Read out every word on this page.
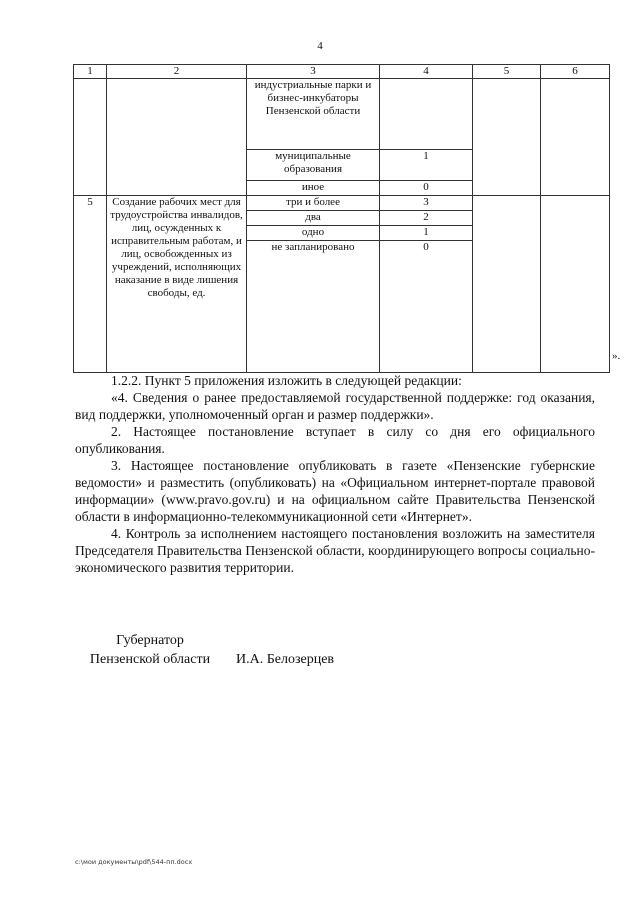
4
1	2	3	4	5	6
		индустриальные парки и бизнес-инкубаторы Пензенской области			
		муниципальные образования	1		
		иное	0		
5	Создание рабочих мест для трудоустройства инвалидов, лиц, осужденных к исправительным работам, и лиц, освобожденных из учреждений, исполняющих наказание в виде лишения свободы, ед.	три и более	3		
		два	2		
		одно	1		
		не запланировано	0		
».

1.2.2. Пункт 5 приложения изложить в следующей редакции:

«4. Сведения о ранее предоставляемой государственной поддержке: год оказания, вид поддержки, уполномоченный орган и размер поддержки».

2. Настоящее постановление вступает в силу со дня его официального опубликования.

3. Настоящее постановление опубликовать в газете «Пензенские губернские ведомости» и разместить (опубликовать) на «Официальном интернет-портале правовой информации» (www.pravo.gov.ru) и на официальном сайте Правительства Пензенской области в информационно-телекоммуникационной сети «Интернет».

4. Контроль за исполнением настоящего постановления возложить на заместителя Председателя Правительства Пензенской области, координирующего вопросы социально-экономического развития территории.

Губернатор
Пензенской области	И.А. Белозерцев
c:\мои документы\pdf\544-пп.docx
